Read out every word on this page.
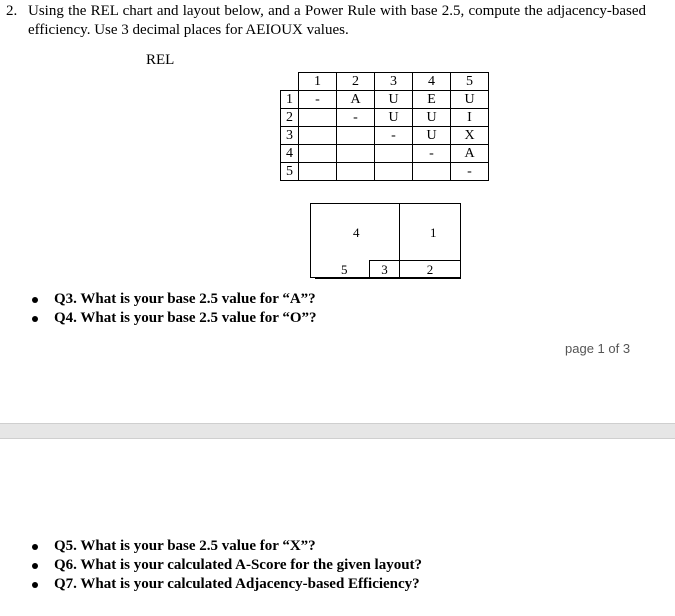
2. Using the REL chart and layout below, and a Power Rule with base 2.5, compute the adjacency-based efficiency. Use 3 decimal places for AEIOUX values.
REL
	1	2	3	4	5
1	-	A	U	E	U
2		-	U	U	I
3			-	U	X
4				-	A
5					-
4	1
5	3	2
Q3. What is your base 2.5 value for “A”?
Q4. What is your base 2.5 value for “O”?
page 1 of 3
Q5. What is your base 2.5 value for “X”?
Q6. What is your calculated A-Score for the given layout?
Q7. What is your calculated Adjacency-based Efficiency?
